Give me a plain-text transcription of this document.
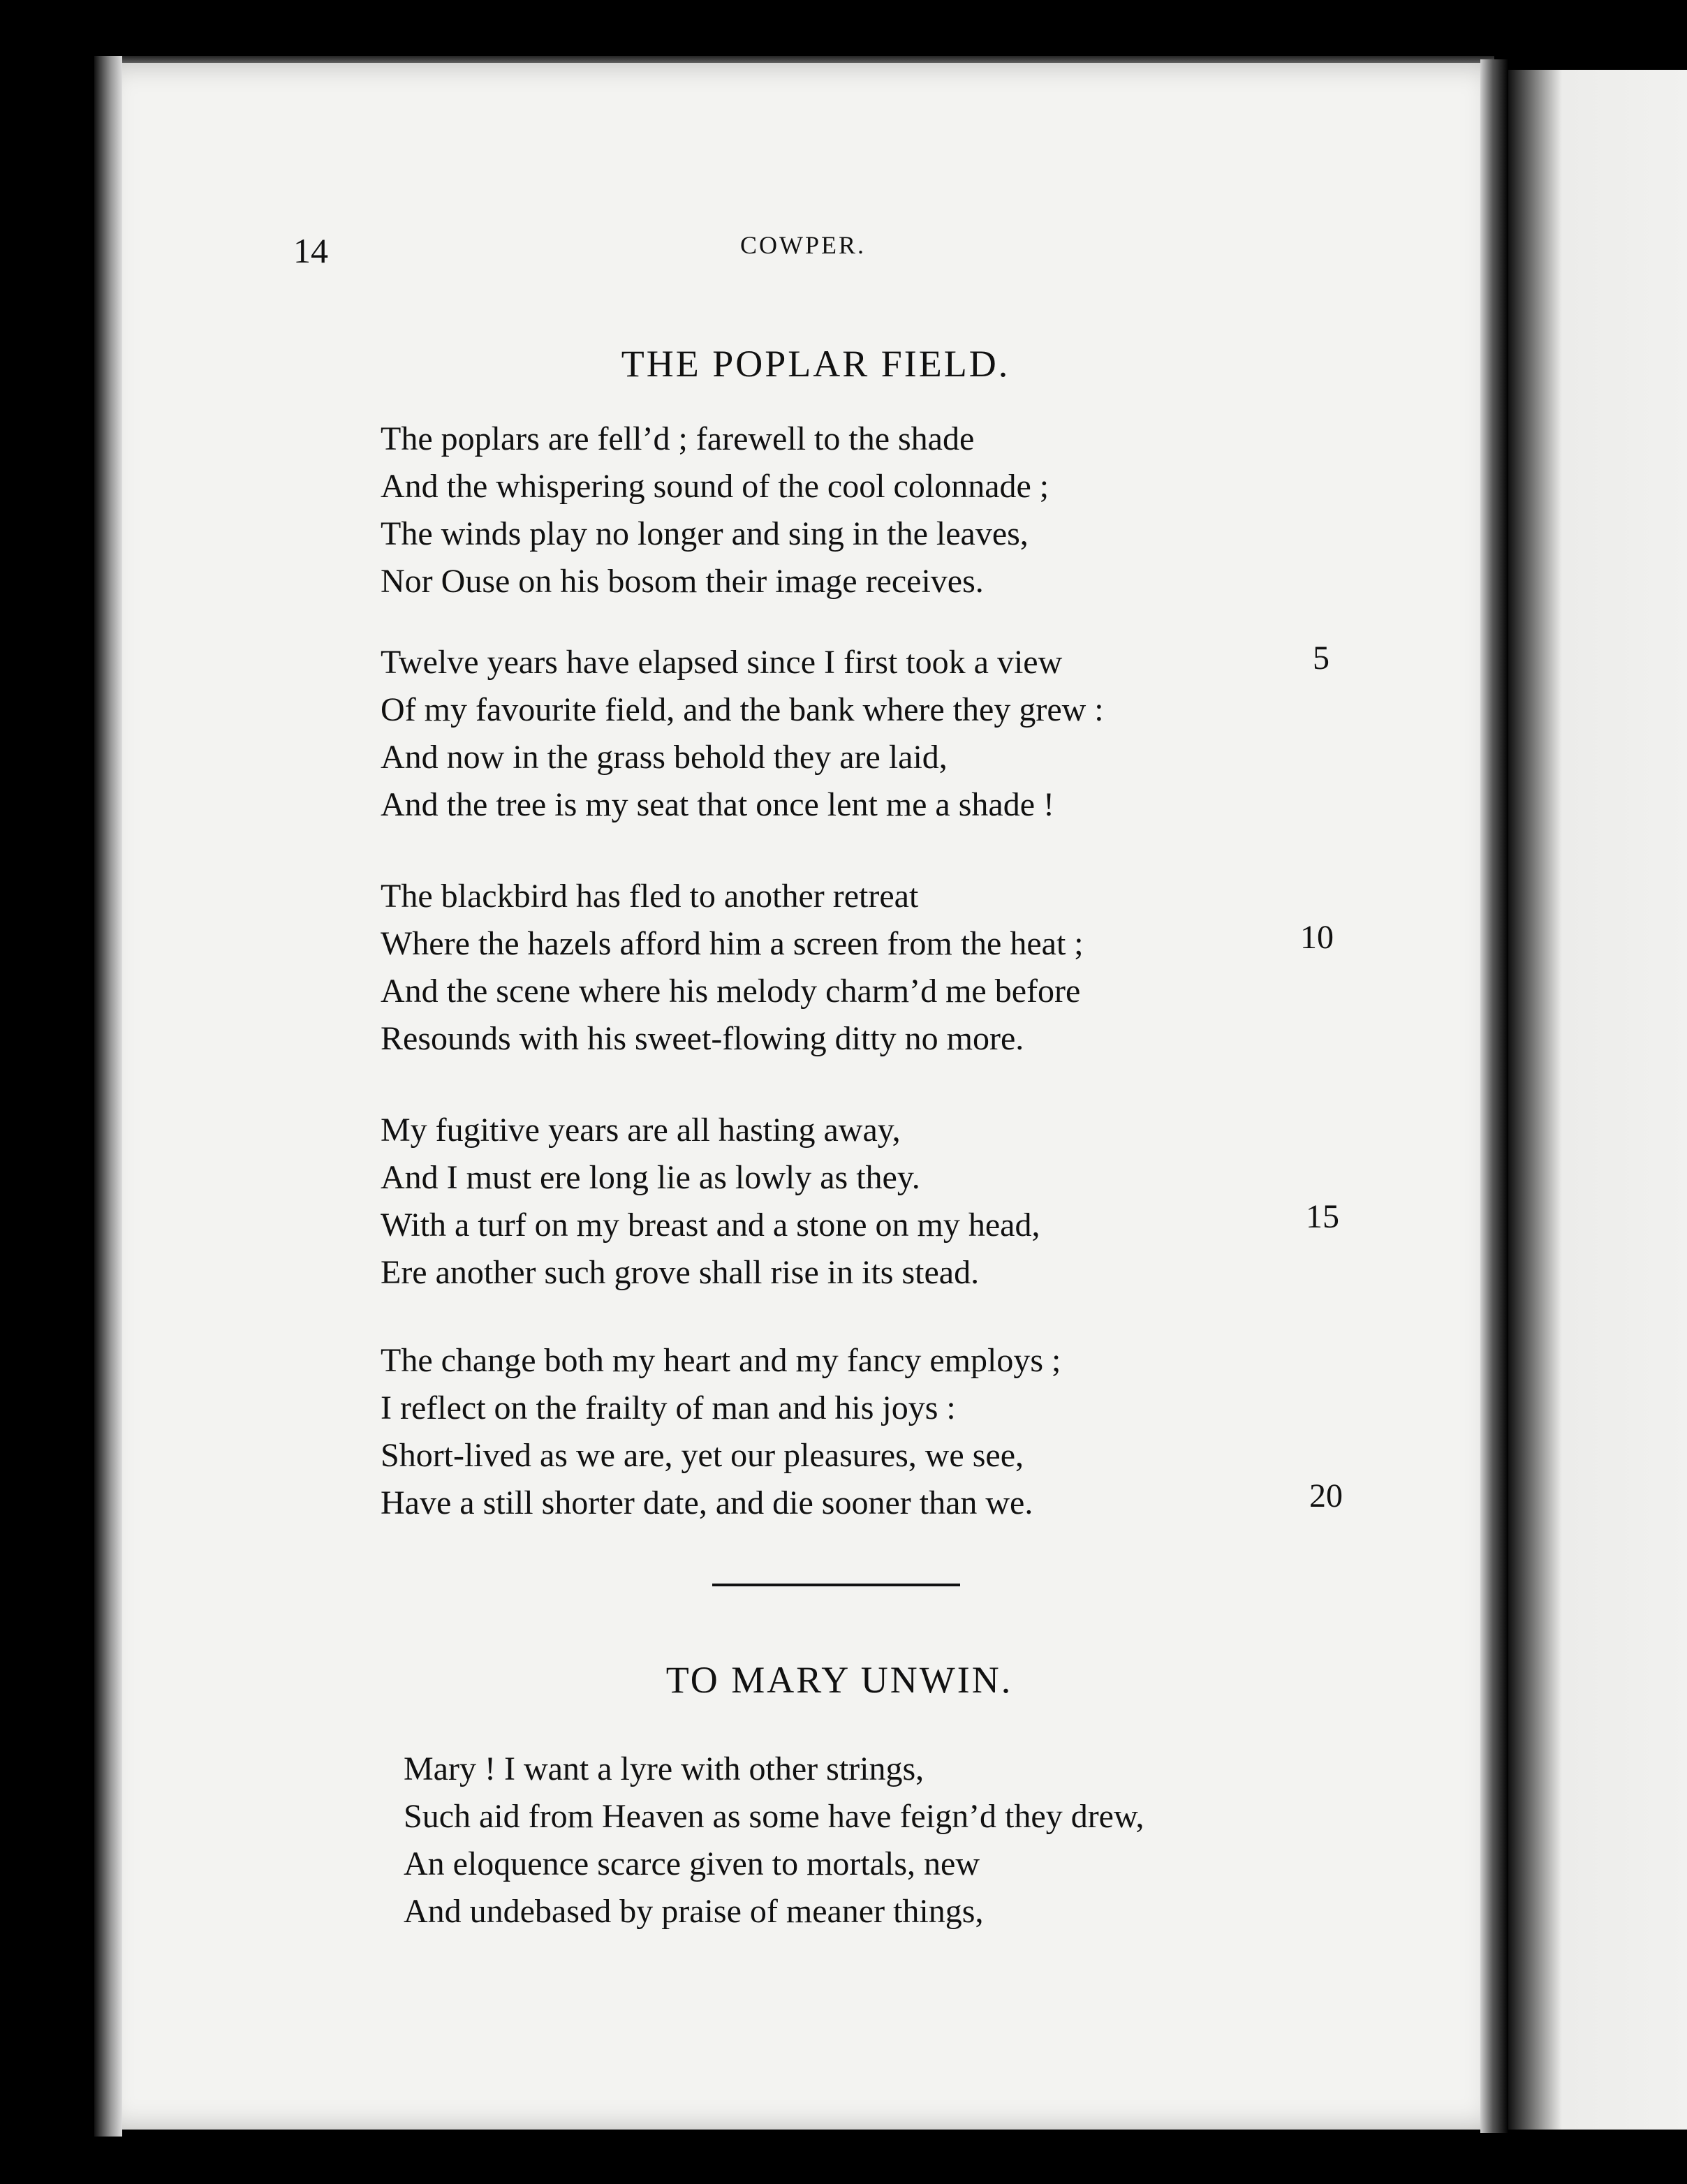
14	COWPER.
THE POPLAR FIELD.
The poplars are fell’d ; farewell to the shade
And the whispering sound of the cool colonnade ;
The winds play no longer and sing in the leaves,
Nor Ouse on his bosom their image receives.
Twelve years have elapsed since I first took a view
Of my favourite field, and the bank where they grew :
And now in the grass behold they are laid,
And the tree is my seat that once lent me a shade !
5
The blackbird has fled to another retreat
Where the hazels afford him a screen from the heat ;
And the scene where his melody charm’d me before
Resounds with his sweet-flowing ditty no more.
10
My fugitive years are all hasting away,
And I must ere long lie as lowly as they.
With a turf on my breast and a stone on my head,
Ere another such grove shall rise in its stead.
15
The change both my heart and my fancy employs ;
I reflect on the frailty of man and his joys :
Short-lived as we are, yet our pleasures, we see,
Have a still shorter date, and die sooner than we.	20
TO MARY UNWIN.
Mary ! I want a lyre with other strings,
Such aid from Heaven as some have feign’d they drew,
An eloquence scarce given to mortals, new
And undebased by praise of meaner things,
